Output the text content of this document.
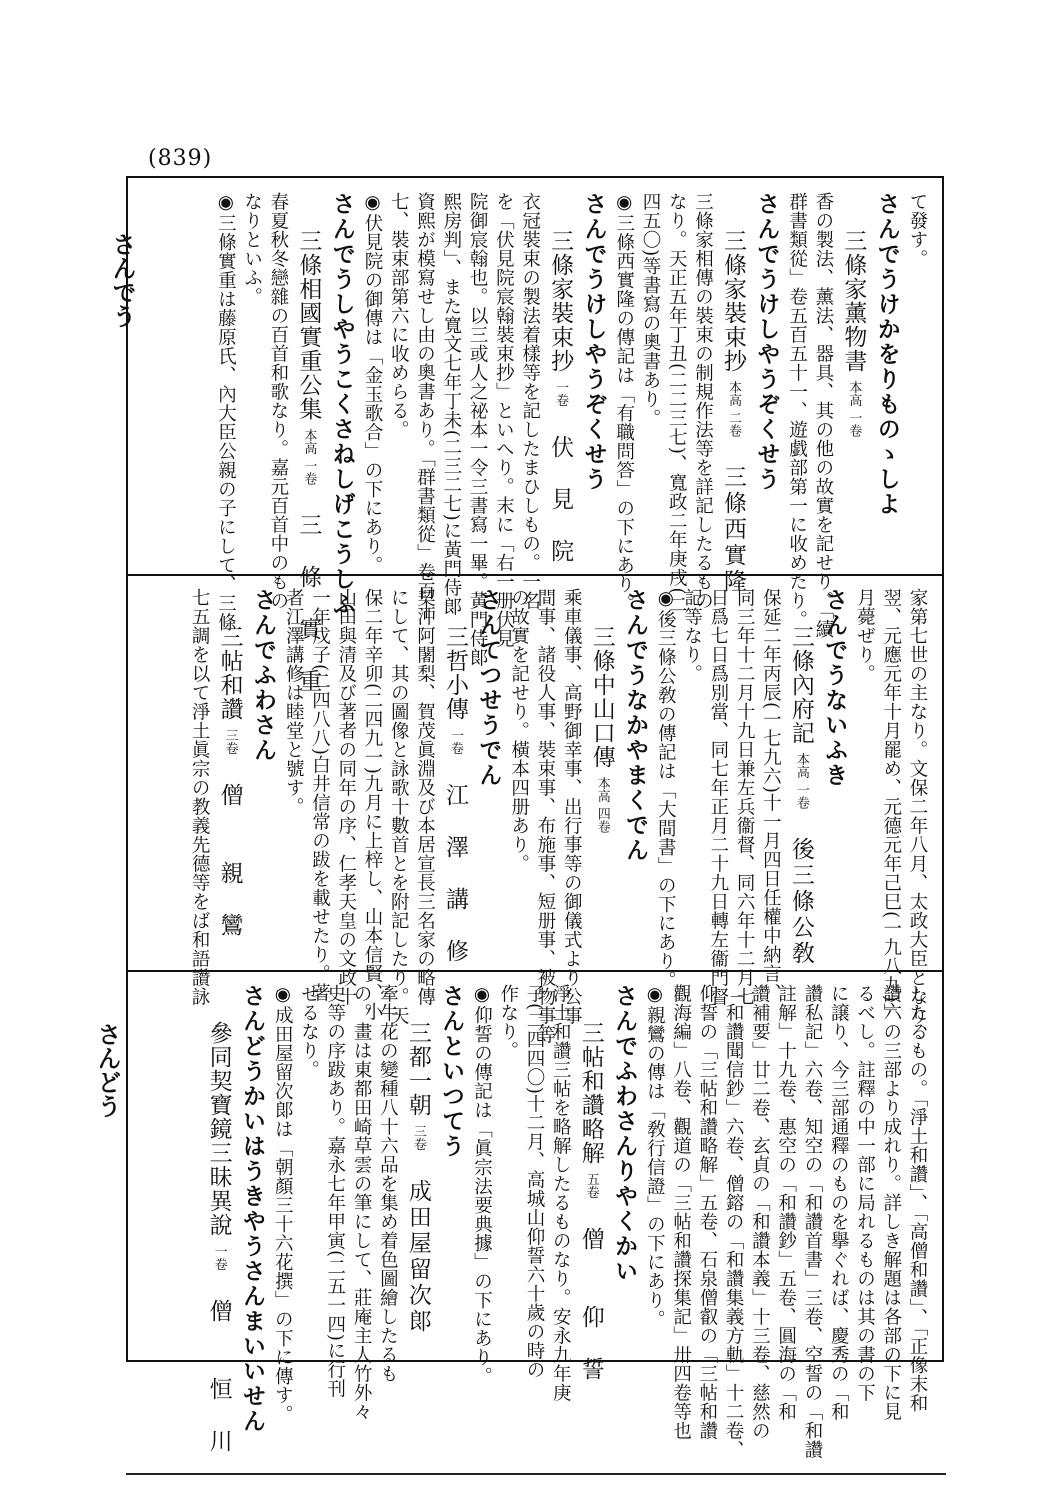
(839)
さんでう
さんどう
て發す。
さんでうけかをりものゝしよ
三條家薰物書本高 一卷
香の製法、薰法、器具、其の他の故實を記せり。「續
群書類從」卷五百五十一、遊戯部第一に收めたり。
さんでうけしやうぞくせう
三條家裝束抄本高 二卷三條西實隆
三條家相傳の裝束の制規作法等を詳記したるもの
なり。天正五年丁丑(二二三七)、寬政二年庚戌(二
四五〇)等書寫の奧書あり。
◉三條西實隆の傳記は「有職問答」の下にあり。
さんでうけしやうぞくせう
三條家裝束抄一卷伏　見　院
衣冠裝束の製法着樣等を記したまひしもの。一名
を「伏見院宸翰裝束抄」といへり。末に「右一册伏見
院御宸翰也。以三或人之祕本一令三書寫一畢。黃門侍郞
熙房判」、また寬文七年丁未(二三二七)に黃門侍郞
資熙が模寫せし由の奧書あり。「群書類從」卷百十
七、裝束部第六に收めらる。
◉伏見院の御傳は「金玉歌合」の下にあり。
さんでうしやうこくさねしげこうしふ
三條相國實重公集本高 一卷三　條　實　重
春夏秋冬戀雜の百首和歌なり。嘉元百首中のもの
なりといふ。
◉三條實重は藤原氏、內大臣公親の子にして、三條
家第七世の主なり。文保二年八月、太政大臣となり、
翌、元應元年十月罷め、元德元年己巳(一九八九)六
月薨ぜり。
さんでうないふき
三條內府記本高 一卷後三條公敎
保延二年丙辰(一七九六)十一月四日任權中納言、
同三年十二月十九日兼左兵衞督、同六年十二月七
日爲七日爲別當、同七年正月二十九日轉左衞門督
記等なり。
◉後三條公敎の傳記は「大間書」の下にあり。
さんでうなかやまくでん
三條中山口傳本高 四卷
乘車儀事、高野御幸事、出行事等の御儀式より公事
間事、諸役人事、裝束事、布施事、短册事、被物事等
の故實を記せり。橫本四册あり。
さんてつせうでん
三哲小傳一卷江　澤　講　修
契沖阿闍梨、賀茂眞淵及び本居宣長三名家の略傳
にして、其の圖像と詠歌十數首とを附記したり。天
保二年辛卯(二四九一)九月に上梓し、山本信賢、小
山田與清及び著者の同年の序、仁孝天皇の文政十
一年戊子(二四八八)白井信常の跋を載せたり。著
者江澤講修は睦堂と號す。
さんでふわさん
三帖和讚三卷僧　　親　鸞
七五調を以て淨土眞宗の教義先德等をば和語讚詠
したるもの。「淨土和讚」、「高僧和讚」、「正像末和
讚」の三部より成れり。詳しき解題は各部の下に見
るべし。註釋の中一部に局れるものは其の書の下
に譲り、今三部通釋のものを擧ぐれば、慶秀の「和
讚私記」六卷、知空の「和讚首書」三卷、空誓の「和讚
註解」十九卷、惠空の「和讚鈔」五卷、圓海の「和
讚補要」廿二卷、玄貞の「和讚本義」十三卷、慈然の
「和讚聞信鈔」六卷、僧鎔の「和讚集義方軌」十二卷、
仰誓の「三帖和讚略解」五卷、石泉僧叡の「三帖和讚
觀海編」八卷、觀道の「三帖和讚探集記」卅四卷等也
◉親鸞の傳は「敎行信證」の下にあり。
さんでふわさんりやくかい
三帖和讚略解五卷僧　　仰　誓
淨土和讚三帖を略解したるものなり。安永九年庚
子(二四四〇)十二月、高城山仰誓六十歲の時の
作なり。
◉仰誓の傳記は「眞宗法要典據」の下にあり。
さんといつてう
三都一朝三卷成田屋留次郞
牽牛花の變種八十六品を集め着色圖繪したるも
の。畫は東都田崎草雲の筆にして、莊庵主人竹外々
史等の序跋あり。嘉永七年甲寅(二五一四)に行刊
せるなり。
◉成田屋留次郞は「朝顏三十六花撰」の下に傳す。
さんどうかいはうきやうさんまいいせん
參同契寶鏡三昧異說一卷僧　　恒　川
